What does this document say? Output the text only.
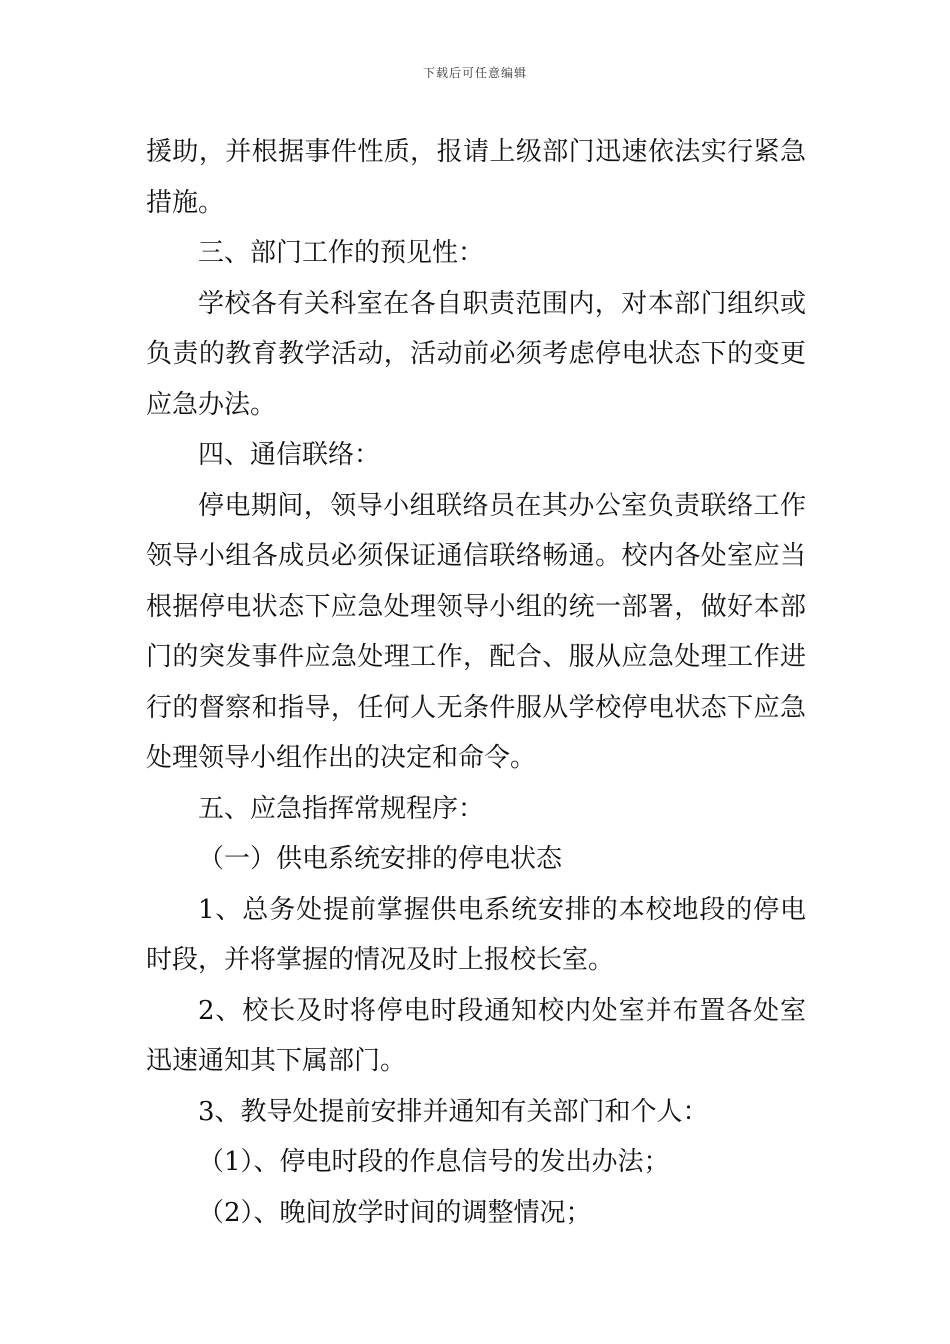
下载后可任意编辑

援助，并根据事件性质，报请上级部门迅速依法实行紧急措施。

三、部门工作的预见性：

学校各有关科室在各自职责范围内，对本部门组织或负责的教育教学活动，活动前必须考虑停电状态下的变更应急办法。

四、通信联络：

停电期间，领导小组联络员在其办公室负责联络工作领导小组各成员必须保证通信联络畅通。校内各处室应当根据停电状态下应急处理领导小组的统一部署，做好本部门的突发事件应急处理工作，配合、服从应急处理工作进行的督察和指导，任何人无条件服从学校停电状态下应急处理领导小组作出的决定和命令。

五、应急指挥常规程序：

（一）供电系统安排的停电状态

1、总务处提前掌握供电系统安排的本校地段的停电时段，并将掌握的情况及时上报校长室。

2、校长及时将停电时段通知校内处室并布置各处室迅速通知其下属部门。

3、教导处提前安排并通知有关部门和个人：

（1）、停电时段的作息信号的发出办法；

（2）、晚间放学时间的调整情况；
